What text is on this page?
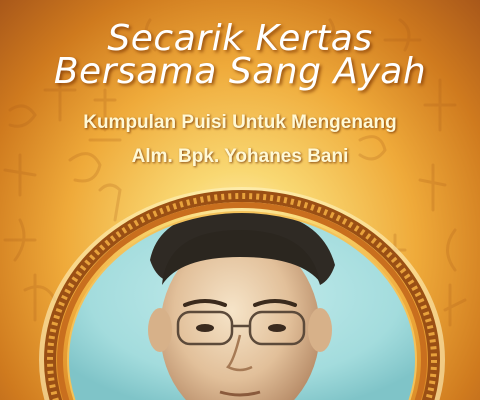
Secarik Kertas
Bersama Sang Ayah
Kumpulan Puisi Untuk Mengenang
Alm. Bpk. Yohanes Bani
